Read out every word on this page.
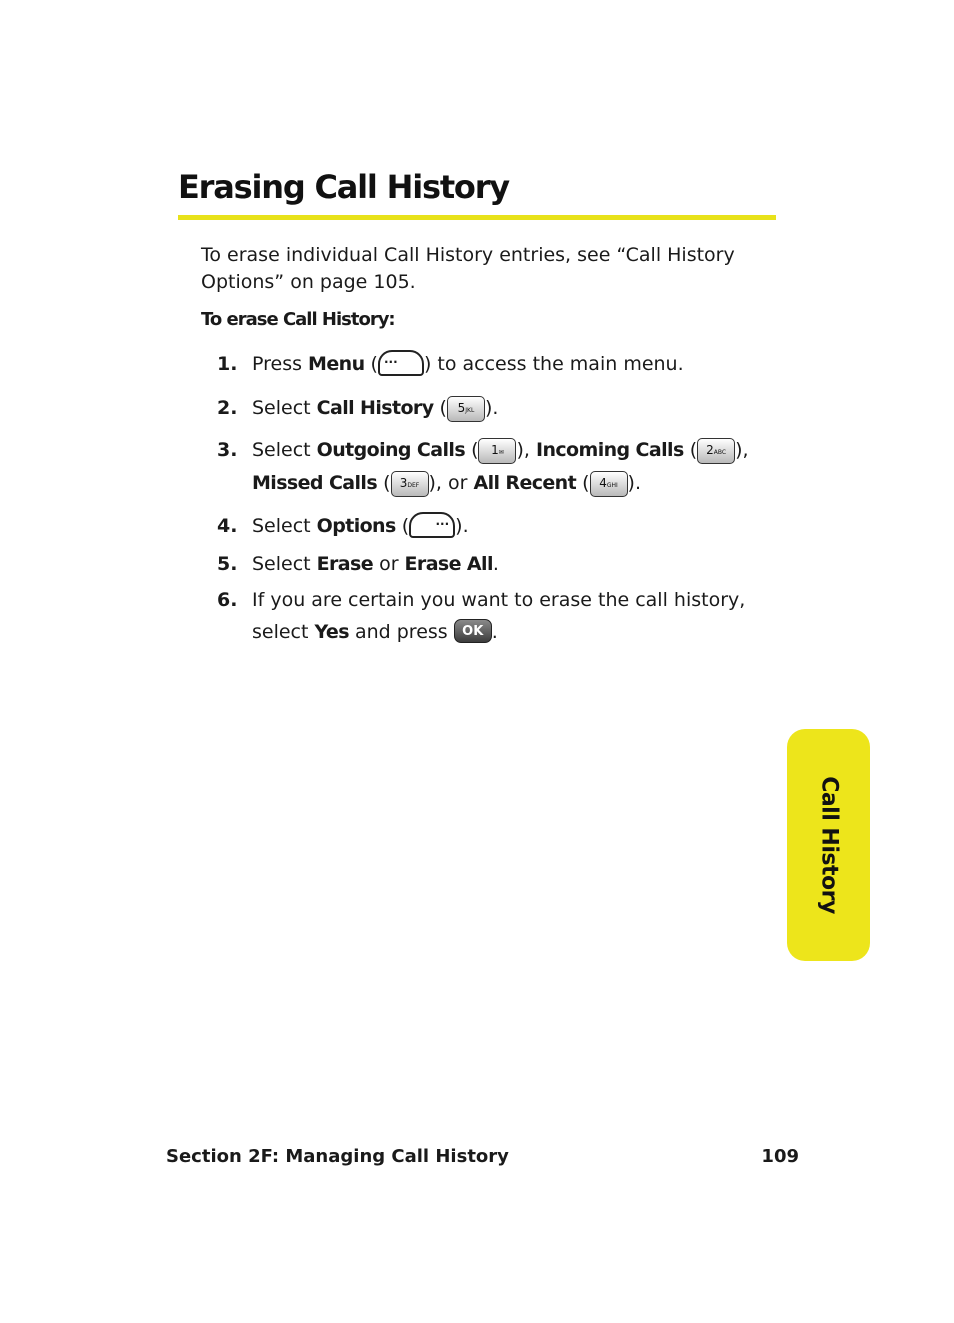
Erasing Call History

To erase individual Call History entries, see “Call History Options” on page 105.

To erase Call History:

1. Press Menu ( ··· ) to access the main menu.
2. Select Call History ( 5JKL ).
3. Select Outgoing Calls ( 1✉ ), Incoming Calls ( 2ABC ),
Missed Calls ( 3DEF ), or All Recent ( 4GHI ).
4. Select Options ( ··· ).
5. Select Erase or Erase All.
6. If you are certain you want to erase the call history,
select Yes and press OK .
Call History
Section 2F: Managing Call History	109
